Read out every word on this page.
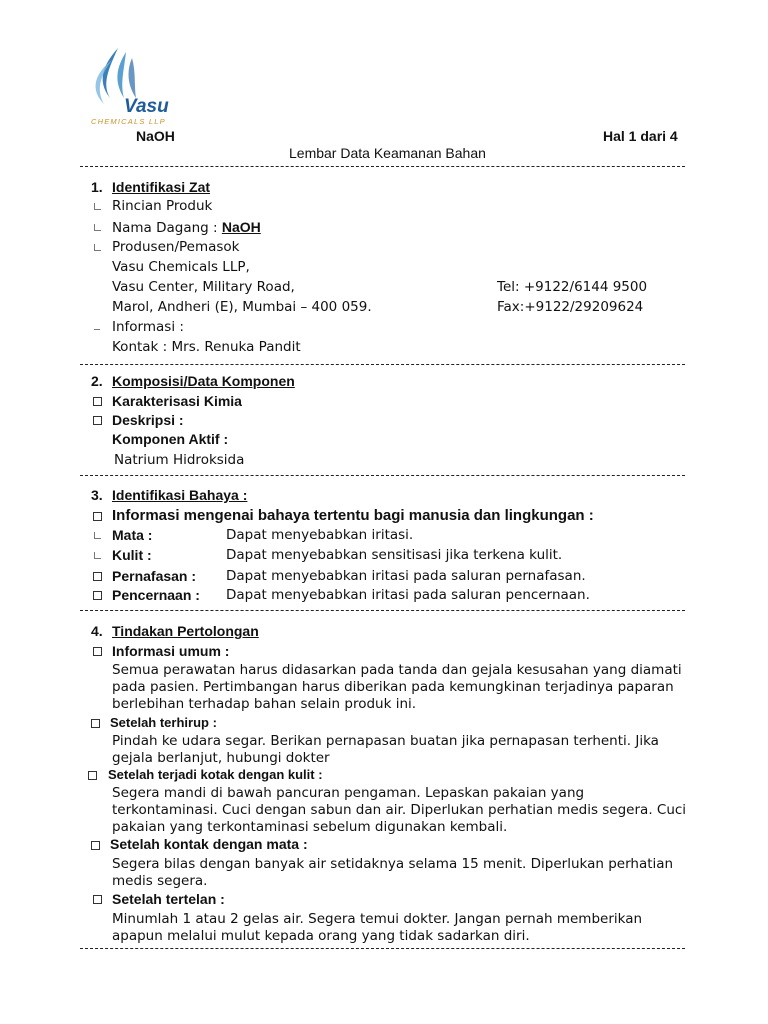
Vasu
CHEMICALS LLP
NaOH	Hal 1 dari 4
Lembar Data Keamanan Bahan
1. Identifikasi Zat
Rincian Produk
Nama Dagang : NaOH
Produsen/Pemasok
Vasu Chemicals LLP,
Vasu Center, Military Road,	Tel: +9122/6144 9500
Marol, Andheri (E), Mumbai – 400 059.	Fax:+9122/29209624
Informasi :
Kontak : Mrs. Renuka Pandit
2. Komposisi/Data Komponen
Karakterisasi Kimia
Deskripsi :
Komponen Aktif :
Natrium Hidroksida
3. Identifikasi Bahaya :
Informasi mengenai bahaya tertentu bagi manusia dan lingkungan :
Mata :	Dapat menyebabkan iritasi.
Kulit :	Dapat menyebabkan sensitisasi jika terkena kulit.
Pernafasan : Dapat menyebabkan iritasi pada saluran pernafasan.
Pencernaan : Dapat menyebabkan iritasi pada saluran pencernaan.
4. Tindakan Pertolongan
Informasi umum :
Semua perawatan harus didasarkan pada tanda dan gejala kesusahan yang diamati pada pasien. Pertimbangan harus diberikan pada kemungkinan terjadinya paparan berlebihan terhadap bahan selain produk ini.
Setelah terhirup :
Pindah ke udara segar. Berikan pernapasan buatan jika pernapasan terhenti. Jika gejala berlanjut, hubungi dokter
Setelah terjadi kotak dengan kulit :
Segera mandi di bawah pancuran pengaman. Lepaskan pakaian yang terkontaminasi. Cuci dengan sabun dan air. Diperlukan perhatian medis segera. Cuci pakaian yang terkontaminasi sebelum digunakan kembali.
Setelah kontak dengan mata :
Segera bilas dengan banyak air setidaknya selama 15 menit. Diperlukan perhatian medis segera.
Setelah tertelan :
Minumlah 1 atau 2 gelas air. Segera temui dokter. Jangan pernah memberikan apapun melalui mulut kepada orang yang tidak sadarkan diri.
